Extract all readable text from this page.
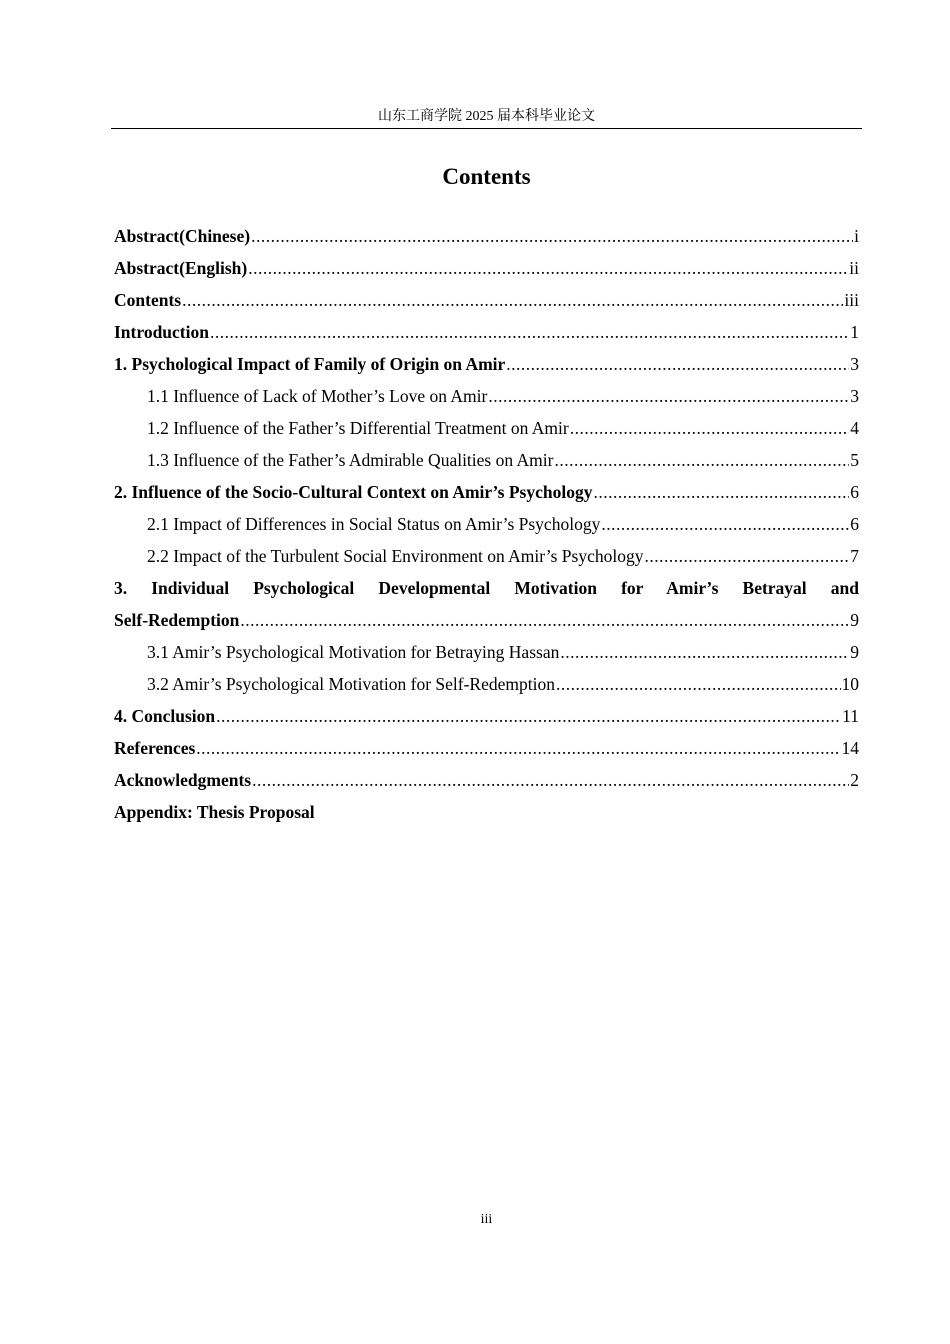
山东工商学院 2025 届本科毕业论文
Contents
Abstract(Chinese) .....	i
Abstract(English) .....	ii
Contents .....	iii
Introduction .....	1
1. Psychological Impact of Family of Origin on Amir .....	3
1.1 Influence of Lack of Mother’s Love on Amir .....	3
1.2 Influence of the Father’s Differential Treatment on Amir .....	4
1.3 Influence of the Father’s Admirable Qualities on Amir .....	5
2. Influence of the Socio-Cultural Context on Amir’s Psychology .....	6
2.1 Impact of Differences in Social Status on Amir’s Psychology .....	6
2.2 Impact of the Turbulent Social Environment on Amir’s Psychology .....	7
3. Individual Psychological Developmental Motivation for Amir’s Betrayal and
Self-Redemption .....	9
3.1 Amir’s Psychological Motivation for Betraying Hassan .....	9
3.2 Amir’s Psychological Motivation for Self-Redemption .....	10
4. Conclusion .....	11
References .....	14
Acknowledgments .....	2
Appendix: Thesis Proposal
iii
